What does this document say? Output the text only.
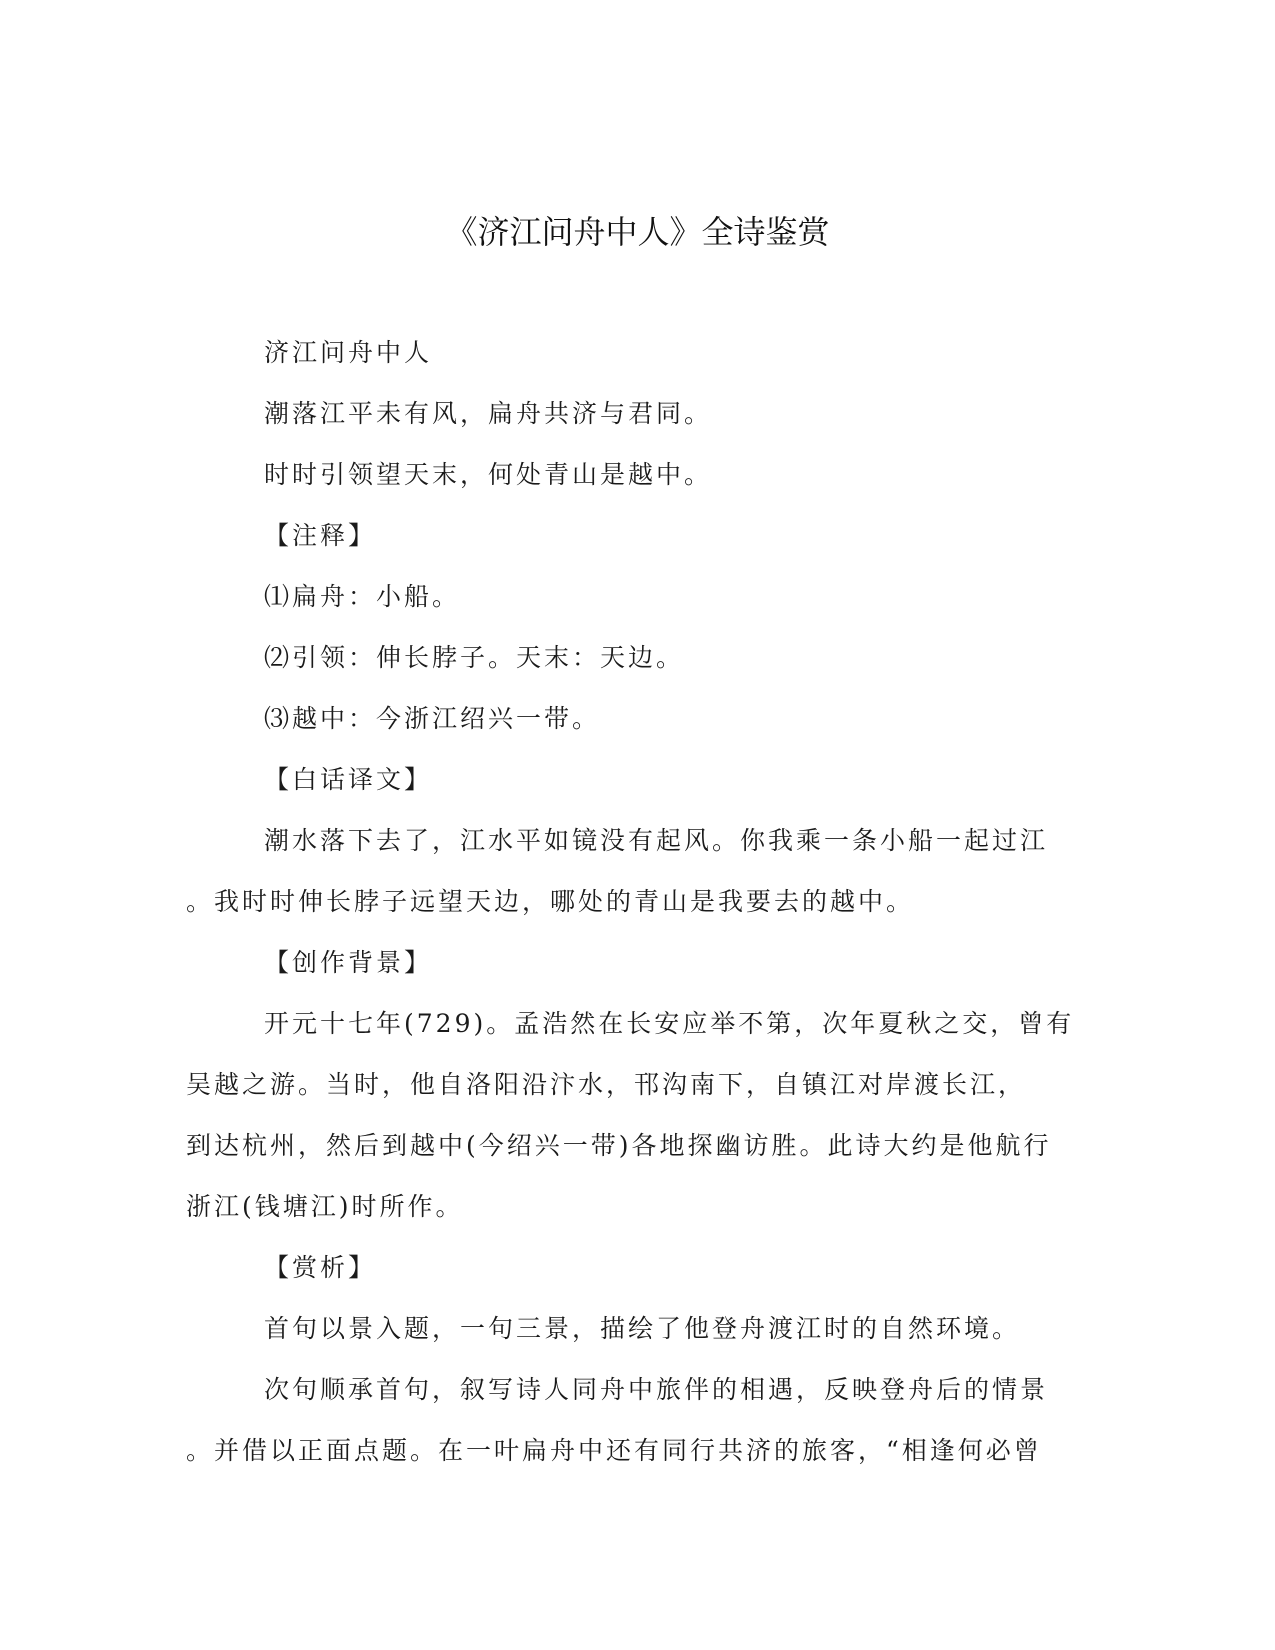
《济江问舟中人》全诗鉴赏

济江问舟中人

潮落江平未有风，扁舟共济与君同。

时时引领望天末，何处青山是越中。

【注释】

⑴扁舟：小船。

⑵引领：伸长脖子。天末：天边。

⑶越中：今浙江绍兴一带。

【白话译文】

潮水落下去了，江水平如镜没有起风。你我乘一条小船一起过江

。我时时伸长脖子远望天边，哪处的青山是我要去的越中。

【创作背景】

开元十七年(729)。孟浩然在长安应举不第，次年夏秋之交，曾有

吴越之游。当时，他自洛阳沿汴水，邗沟南下，自镇江对岸渡长江，

到达杭州，然后到越中(今绍兴一带)各地探幽访胜。此诗大约是他航行

浙江(钱塘江)时所作。

【赏析】

首句以景入题，一句三景，描绘了他登舟渡江时的自然环境。

次句顺承首句，叙写诗人同舟中旅伴的相遇，反映登舟后的情景

。并借以正面点题。在一叶扁舟中还有同行共济的旅客，“相逢何必曾
